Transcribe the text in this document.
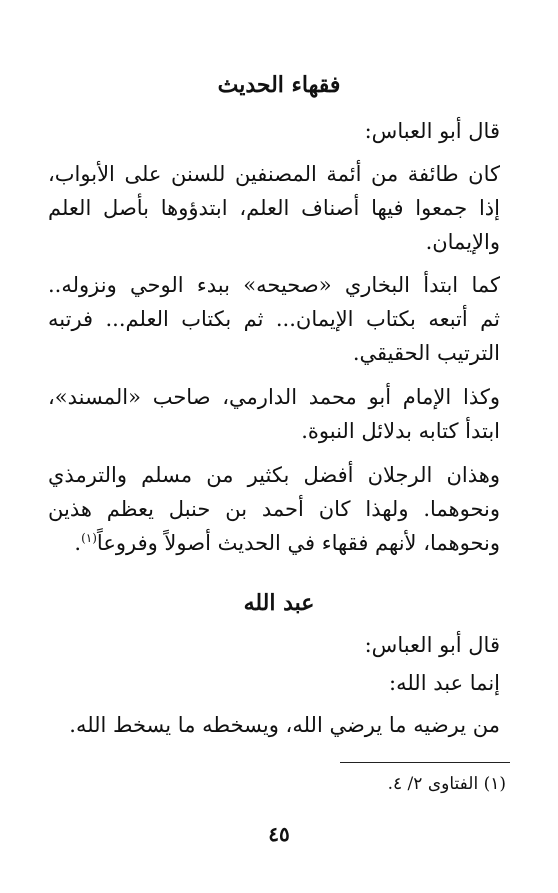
فقهاء الحديث

قال أبو العباس:

كان طائفة من أئمة المصنفين للسنن على الأبواب،

إذا جمعوا فيها أصناف العلم، ابتدؤوها بأصل العلم

والإيمان.

كما ابتدأ البخاري «صحيحه» ببدء الوحي ونزوله..

ثم أتبعه بكتاب الإيمان... ثم بكتاب العلم... فرتبه

الترتيب الحقيقي.

وكذا الإمام أبو محمد الدارمي، صاحب «المسند»،

ابتدأ كتابه بدلائل النبوة.

وهذان الرجلان أفضل بكثير من مسلم والترمذي

ونحوهما. ولهذا كان أحمد بن حنبل يعظم هذين

ونحوهما، لأنهم فقهاء في الحديث أصولاً وفروعاً$^{(١)}$.

عبد الله

قال أبو العباس:

إنما عبد الله:

من يرضيه ما يرضي الله، ويسخطه ما يسخط الله.

(١) الفتاوى ٢/ ٤.
٤٥
